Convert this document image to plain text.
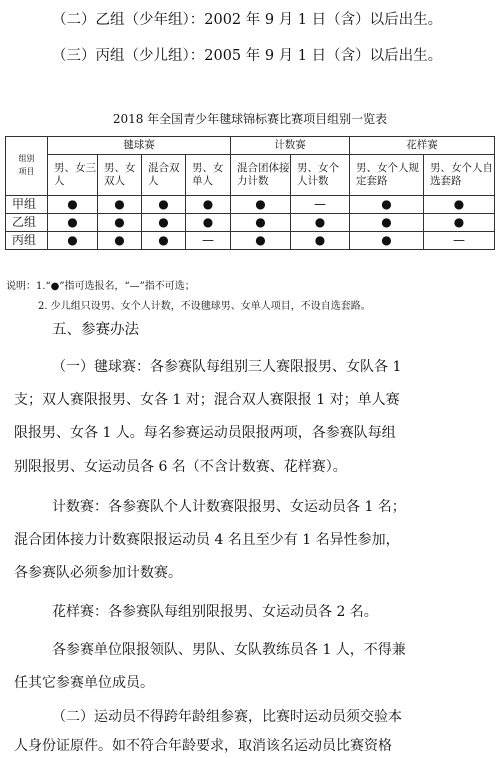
（二）乙组（少年组）：2002 年 9 月 1 日（含）以后出生。

（三）丙组（少儿组）：2005 年 9 月 1 日（含）以后出生。

2018 年全国青少年毽球锦标赛比赛项目组别一览表

组别
项目	毽球赛				计数赛		花样赛	
	男、女三人	男、女双人	混合双人	男、女单人	混合团体接力计数	男、女个人计数	男、女个人规定套路	男、女个人自选套路
甲组	●	●	●	●	●	—	●	●
乙组	●	●	●	●	●	●	●	●
丙组	●	●	●	—	●	●	●	—

说明：1.“●”指可选报名，“—”指不可选；

2. 少儿组只设男、女个人计数，不设毽球男、女单人项目，不设自选套路。

五、参赛办法

（一）毽球赛：各参赛队每组别三人赛限报男、女队各 1

支；双人赛限报男、女各 1 对；混合双人赛限报 1 对；单人赛

限报男、女各 1 人。每名参赛运动员限报两项，各参赛队每组

别限报男、女运动员各 6 名（不含计数赛、花样赛）。

计数赛：各参赛队个人计数赛限报男、女运动员各 1 名；

混合团体接力计数赛限报运动员 4 名且至少有 1 名异性参加，

各参赛队必须参加计数赛。

花样赛：各参赛队每组别限报男、女运动员各 2 名。

各参赛单位限报领队、男队、女队教练员各 1 人，不得兼

任其它参赛单位成员。

（二）运动员不得跨年龄组参赛，比赛时运动员须交验本

人身份证原件。如不符合年龄要求，取消该名运动员比赛资格
